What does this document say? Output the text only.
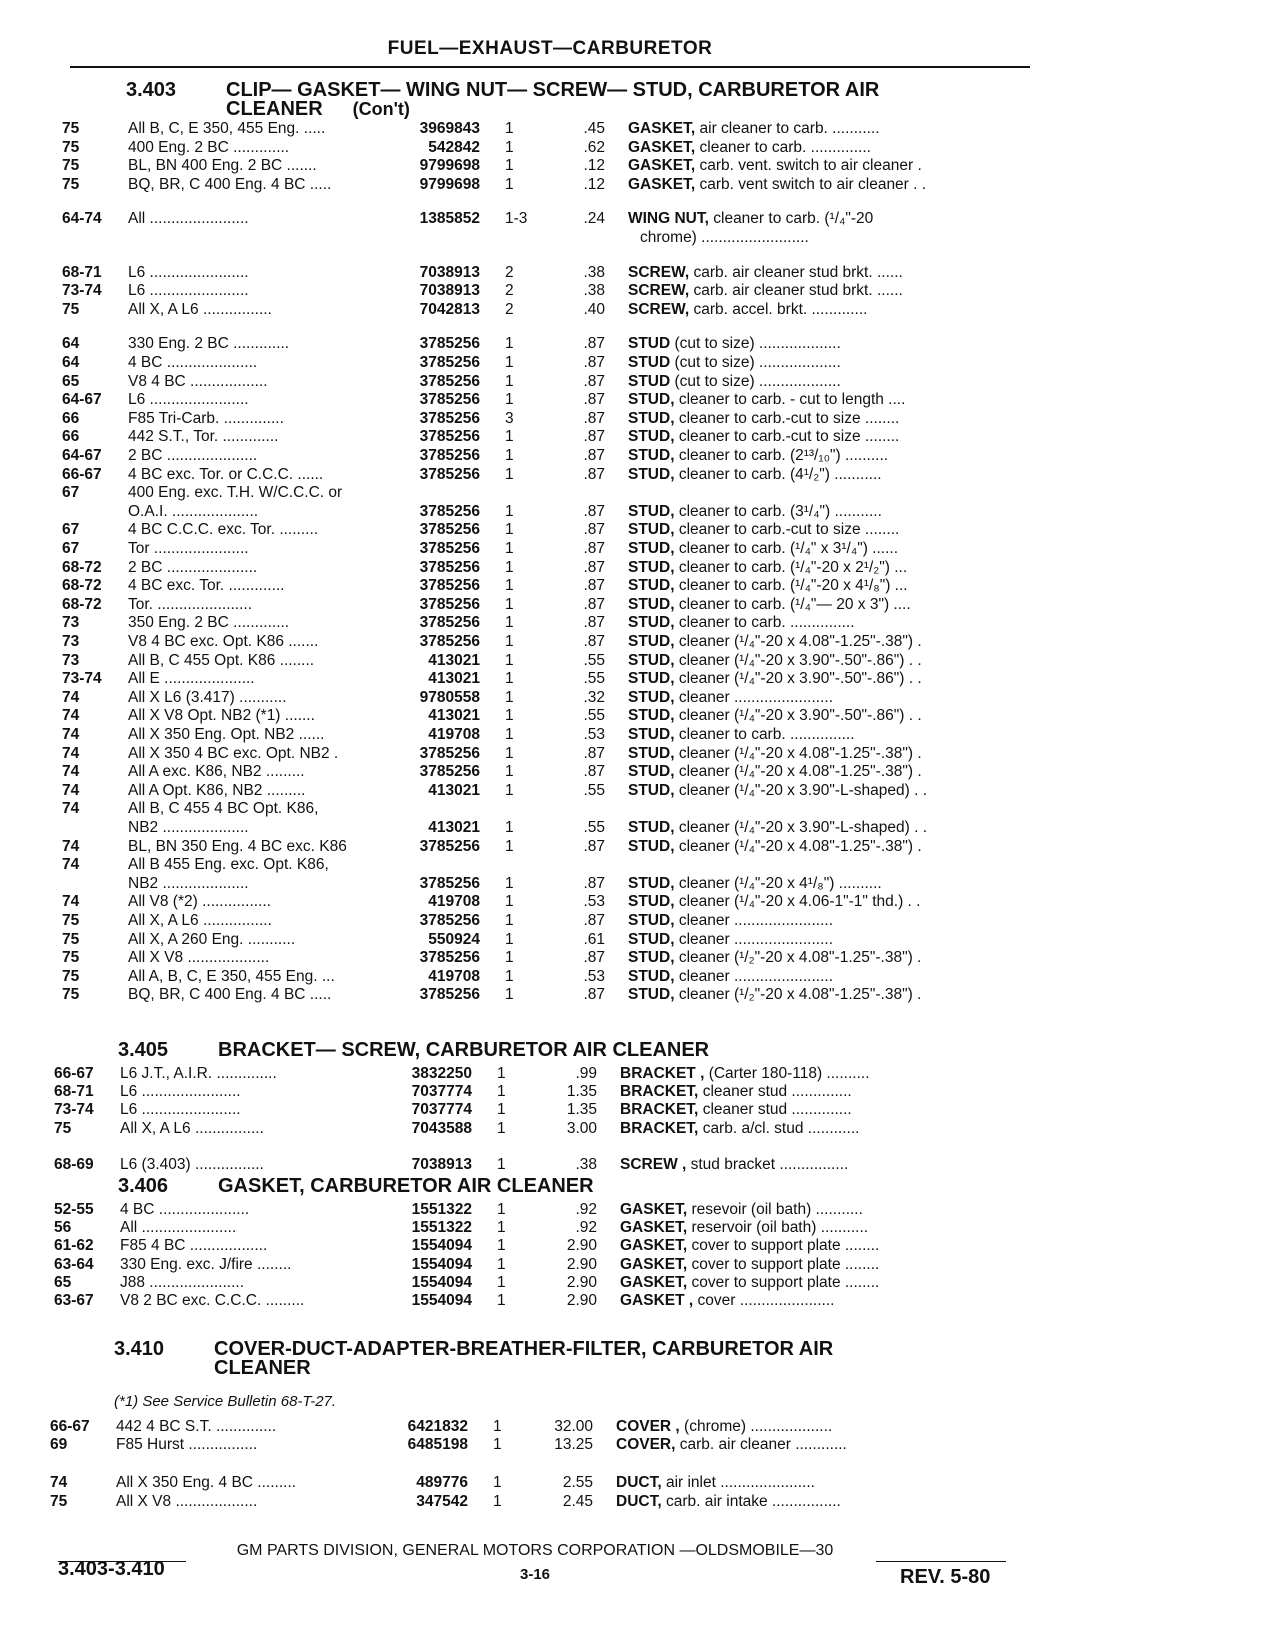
FUEL—EXHAUST—CARBURETOR
3.403 CLIP— GASKET— WING NUT— SCREW— STUD, CARBURETOR AIR
CLEANER (Con't)
75	All B, C, E 350, 455 Eng. .....	3969843 1	.45 GASKET, air cleaner to carb. ...........
75	400 Eng. 2 BC .............	542842 1	.62 GASKET, cleaner to carb. ..............
75	BL, BN 400 Eng. 2 BC .......	9799698 1	.12 GASKET, carb. vent. switch to air cleaner .
75	BQ, BR, C 400 Eng. 4 BC .....	9799698 1	.12 GASKET, carb. vent switch to air cleaner . .
64-74 All .......................	1385852 1-3	.24 WING NUT, cleaner to carb. (¹/₄"-20
chrome) .........................
68-71 L6 .......................	7038913 2	.38 SCREW, carb. air cleaner stud brkt. ......
73-74 L6 .......................	7038913 2	.38 SCREW, carb. air cleaner stud brkt. ......
75	All X, A L6 ................	7042813 2	.40 SCREW, carb. accel. brkt. .............
64	330 Eng. 2 BC .............	3785256 1	.87 STUD (cut to size) ...................
64	4 BC .....................	3785256 1	.87 STUD (cut to size) ...................
65	V8 4 BC ..................	3785256 1	.87 STUD (cut to size) ...................
64-67 L6 .......................	3785256 1	.87 STUD, cleaner to carb. - cut to length ....
66	F85 Tri-Carb. ..............	3785256 3	.87 STUD, cleaner to carb.-cut to size ........
66	442 S.T., Tor. .............	3785256 1	.87 STUD, cleaner to carb.-cut to size ........
64-67 2 BC .....................	3785256 1	.87 STUD, cleaner to carb. (2¹³/₁₀") ..........
66-67 4 BC exc. Tor. or C.C.C. ......	3785256 1	.87 STUD, cleaner to carb. (4¹/₂") ...........
67	400 Eng. exc. T.H. W/C.C.C. or
O.A.I. ....................	3785256 1	.87 STUD, cleaner to carb. (3¹/₄") ...........
67	4 BC C.C.C. exc. Tor. .........	3785256 1	.87 STUD, cleaner to carb.-cut to size ........
67	Tor ......................	3785256 1	.87 STUD, cleaner to carb. (¹/₄" x 3¹/₄") ......
68-72 2 BC .....................	3785256 1	.87 STUD, cleaner to carb. (¹/₄"-20 x 2¹/₂") ...
68-72 4 BC exc. Tor. .............	3785256 1	.87 STUD, cleaner to carb. (¹/₄"-20 x 4¹/₈") ...
68-72 Tor. ......................	3785256 1	.87 STUD, cleaner to carb. (¹/₄"— 20 x 3") ....
73	350 Eng. 2 BC .............	3785256 1	.87 STUD, cleaner to carb. ...............
73	V8 4 BC exc. Opt. K86 .......	3785256 1	.87 STUD, cleaner (¹/₄"-20 x 4.08"-1.25"-.38") .
73	All B, C 455 Opt. K86 ........	413021 1	.55 STUD, cleaner (¹/₄"-20 x 3.90"-.50"-.86") . .
73-74 All E .....................	413021 1	.55 STUD, cleaner (¹/₄"-20 x 3.90"-.50"-.86") . .
74	All X L6 (3.417) ...........	9780558 1	.32 STUD, cleaner .......................
74	All X V8 Opt. NB2 (*1) .......	413021 1	.55 STUD, cleaner (¹/₄"-20 x 3.90"-.50"-.86") . .
74	All X 350 Eng. Opt. NB2 ......	419708 1	.53 STUD, cleaner to carb. ...............
74	All X 350 4 BC exc. Opt. NB2 .	3785256 1	.87 STUD, cleaner (¹/₄"-20 x 4.08"-1.25"-.38") .
74	All A exc. K86, NB2 .........	3785256 1	.87 STUD, cleaner (¹/₄"-20 x 4.08"-1.25"-.38") .
74	All A Opt. K86, NB2 .........	413021 1	.55 STUD, cleaner (¹/₄"-20 x 3.90"-L-shaped) . .
74	All B, C 455 4 BC Opt. K86,
NB2 ....................	413021 1	.55 STUD, cleaner (¹/₄"-20 x 3.90"-L-shaped) . .
74	BL, BN 350 Eng. 4 BC exc. K86	3785256 1	.87 STUD, cleaner (¹/₄"-20 x 4.08"-1.25"-.38") .
74	All B 455 Eng. exc. Opt. K86,
NB2 ....................	3785256 1	.87 STUD, cleaner (¹/₄"-20 x 4¹/₈") ..........
74	All V8 (*2) ................	419708 1	.53 STUD, cleaner (¹/₄"-20 x 4.06-1"-1" thd.) . .
75	All X, A L6 ................	3785256 1	.87 STUD, cleaner .......................
75	All X, A 260 Eng. ...........	550924 1	.61 STUD, cleaner .......................
75	All X V8 ...................	3785256 1	.87 STUD, cleaner (¹/₂"-20 x 4.08"-1.25"-.38") .
75	All A, B, C, E 350, 455 Eng. ...	419708 1	.53 STUD, cleaner .......................
75	BQ, BR, C 400 Eng. 4 BC .....	3785256 1	.87 STUD, cleaner (¹/₂"-20 x 4.08"-1.25"-.38") .
3.405 BRACKET— SCREW, CARBURETOR AIR CLEANER
66-67 L6 J.T., A.I.R. ..............	3832250 1	.99 BRACKET , (Carter 180-118) ..........
68-71 L6 .......................	7037774 1	1.35 BRACKET, cleaner stud ..............
73-74 L6 .......................	7037774 1	1.35 BRACKET, cleaner stud ..............
75	All X, A L6 ................	7043588 1	3.00 BRACKET, carb. a/cl. stud ............
68-69 L6 (3.403) ................	7038913 1	.38 SCREW , stud bracket ................
3.406 GASKET, CARBURETOR AIR CLEANER
52-55 4 BC .....................	1551322 1	.92 GASKET, resevoir (oil bath) ...........
56	All ......................	1551322 1	.92 GASKET, reservoir (oil bath) ...........
61-62 F85 4 BC ..................	1554094 1	2.90 GASKET, cover to support plate ........
63-64 330 Eng. exc. J/fire ........	1554094 1	2.90 GASKET, cover to support plate ........
65	J88 ......................	1554094 1	2.90 GASKET, cover to support plate ........
63-67 V8 2 BC exc. C.C.C. .........	1554094 1	2.90 GASKET , cover ......................
3.410 COVER-DUCT-ADAPTER-BREATHER-FILTER, CARBURETOR AIR
CLEANER
(*1) See Service Bulletin 68-T-27.
66-67 442 4 BC S.T. ..............	6421832 1	32.00 COVER , (chrome) ...................
69	F85 Hurst ................	6485198 1	13.25 COVER, carb. air cleaner ............
74	All X 350 Eng. 4 BC .........	489776 1	2.55 DUCT, air inlet ......................
75	All X V8 ...................	347542 1	2.45 DUCT, carb. air intake ................
GM PARTS DIVISION, GENERAL MOTORS CORPORATION —OLDSMOBILE—30
3.403-3.410	3-16	REV. 5-80
